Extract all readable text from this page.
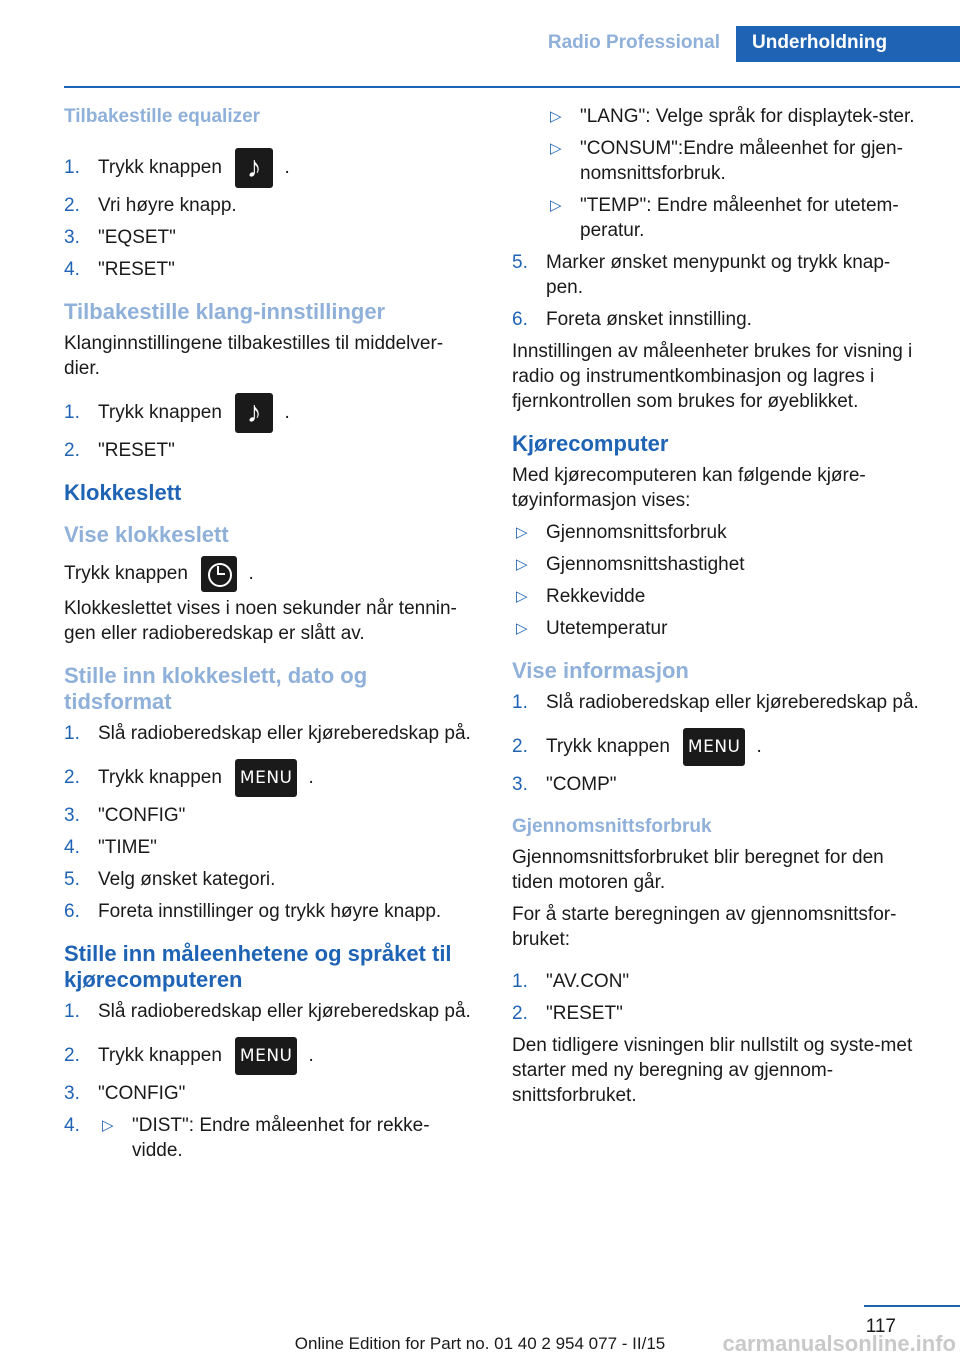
Radio Professional	Underholdning
Tilbakestille equalizer
1. Trykk knappen ♪ .
2. Vri høyre knapp.
3. "EQSET"
4. "RESET"
Tilbakestille klang-innstillinger

Klanginnstillingene tilbakestilles til middelver-dier.

1. Trykk knappen ♪ .
2. "RESET"
Klokkeslett
Vise klokkeslett

Trykk knappen	.

Klokkeslettet vises i noen sekunder når tennin-gen eller radioberedskap er slått av.

Stille inn klokkeslett, dato og tidsformat
1. Slå radioberedskap eller kjøreberedskap på.
2. Trykk knappen MENU .
3. "CONFIG"
4. "TIME"
5. Velg ønsket kategori.
6. Foreta innstillinger og trykk høyre knapp.
Stille inn måleenhetene og språket til kjørecomputeren
1. Slå radioberedskap eller kjøreberedskap på.
2. Trykk knappen MENU .
3. "CONFIG"
4. ▷ "DIST": Endre måleenhet for rekke-vidde.
▷ "LANG": Velge språk for displaytek-ster.
▷ "CONSUM":Endre måleenhet for gjen-nomsnittsforbruk.
▷ "TEMP": Endre måleenhet for utetem-peratur.
5. Marker ønsket menypunkt og trykk knap-pen.
6. Foreta ønsket innstilling.

Innstillingen av måleenheter brukes for visning i radio og instrumentkombinasjon og lagres i fjernkontrollen som brukes for øyeblikket.

Kjørecomputer

Med kjørecomputeren kan følgende kjøre-tøyinformasjon vises:

▷ Gjennomsnittsforbruk
▷ Gjennomsnittshastighet
▷ Rekkevidde
▷ Utetemperatur
Vise informasjon
1. Slå radioberedskap eller kjøreberedskap på.
2. Trykk knappen MENU .
3. "COMP"
Gjennomsnittsforbruk

Gjennomsnittsforbruket blir beregnet for den tiden motoren går.

For å starte beregningen av gjennomsnittsfor-bruket:

1. "AV.CON"
2. "RESET"

Den tidligere visningen blir nullstilt og syste-met starter med ny beregning av gjennom-snittsforbruket.

117
Online Edition for Part no. 01 40 2 954 077 - II/15	carmanualsonline.info
